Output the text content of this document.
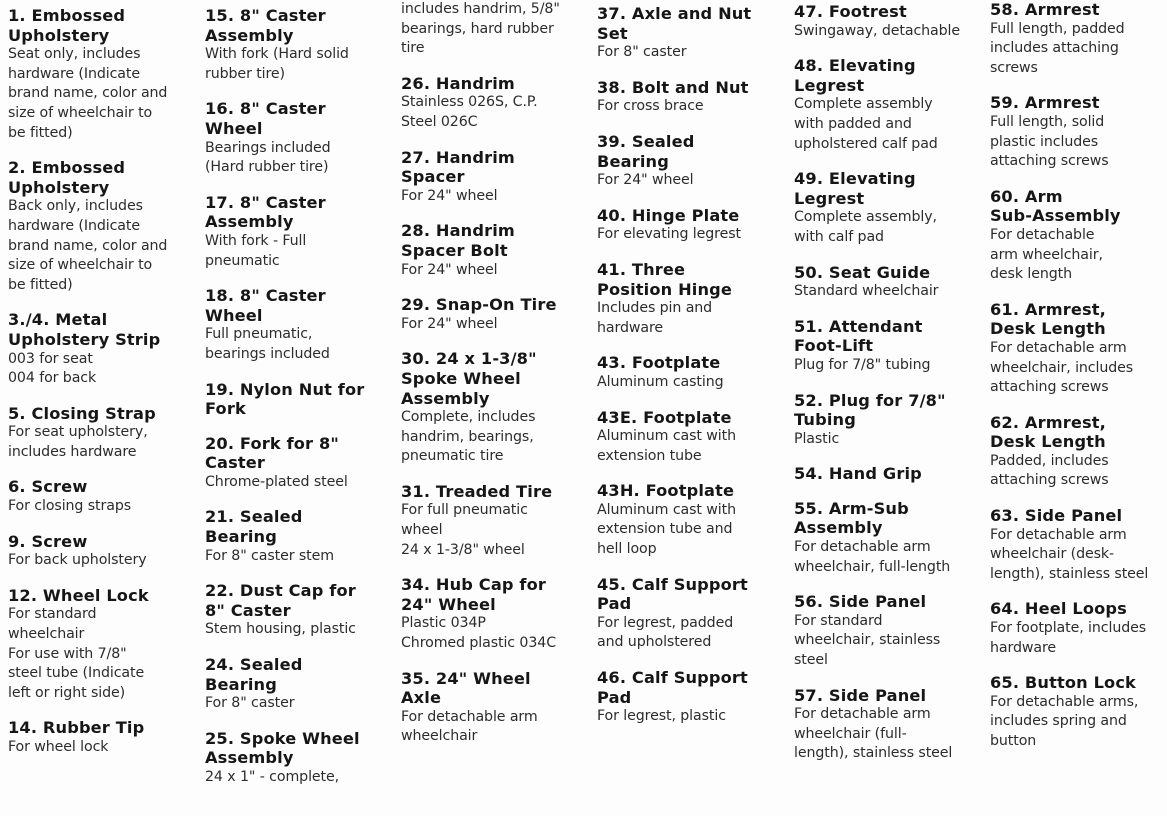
1. Embossed
Upholstery
Seat only, includes
hardware (Indicate
brand name, color and
size of wheelchair to
be fitted)
2. Embossed
Upholstery
Back only, includes
hardware (Indicate
brand name, color and
size of wheelchair to
be fitted)
3./4. Metal
Upholstery Strip
003 for seat
004 for back
5. Closing Strap
For seat upholstery,
includes hardware
6. Screw
For closing straps
9. Screw
For back upholstery
12. Wheel Lock
For standard
wheelchair
For use with 7/8"
steel tube (Indicate
left or right side)
14. Rubber Tip
For wheel lock
15. 8" Caster
Assembly
With fork (Hard solid
rubber tire)
16. 8" Caster
Wheel
Bearings included
(Hard rubber tire)
17. 8" Caster
Assembly
With fork - Full
pneumatic
18. 8" Caster
Wheel
Full pneumatic,
bearings included
19. Nylon Nut for
Fork
20. Fork for 8"
Caster
Chrome-plated steel
21. Sealed
Bearing
For 8" caster stem
22. Dust Cap for
8" Caster
Stem housing, plastic
24. Sealed
Bearing
For 8" caster
25. Spoke Wheel
Assembly
24 x 1" - complete,
includes handrim, 5/8"
bearings, hard rubber
tire
26. Handrim
Stainless 026S, C.P.
Steel 026C
27. Handrim
Spacer
For 24" wheel
28. Handrim
Spacer Bolt
For 24" wheel
29. Snap-On Tire
For 24" wheel
30. 24 x 1-3/8"
Spoke Wheel
Assembly
Complete, includes
handrim, bearings,
pneumatic tire
31. Treaded Tire
For full pneumatic
wheel
24 x 1-3/8" wheel
34. Hub Cap for
24" Wheel
Plastic 034P
Chromed plastic 034C
35. 24" Wheel
Axle
For detachable arm
wheelchair
37. Axle and Nut
Set
For 8" caster
38. Bolt and Nut
For cross brace
39. Sealed
Bearing
For 24" wheel
40. Hinge Plate
For elevating legrest
41. Three
Position Hinge
Includes pin and
hardware
43. Footplate
Aluminum casting
43E. Footplate
Aluminum cast with
extension tube
43H. Footplate
Aluminum cast with
extension tube and
hell loop
45. Calf Support
Pad
For legrest, padded
and upholstered
46. Calf Support
Pad
For legrest, plastic
47. Footrest
Swingaway, detachable
48. Elevating
Legrest
Complete assembly
with padded and
upholstered calf pad
49. Elevating
Legrest
Complete assembly,
with calf pad
50. Seat Guide
Standard wheelchair
51. Attendant
Foot-Lift
Plug for 7/8" tubing
52. Plug for 7/8"
Tubing
Plastic
54. Hand Grip
55. Arm-Sub
Assembly
For detachable arm
wheelchair, full-length
56. Side Panel
For standard
wheelchair, stainless
steel
57. Side Panel
For detachable arm
wheelchair (full-
length), stainless steel
58. Armrest
Full length, padded
includes attaching
screws
59. Armrest
Full length, solid
plastic includes
attaching screws
60. Arm
Sub-Assembly
For detachable
arm wheelchair,
desk length
61. Armrest,
Desk Length
For detachable arm
wheelchair, includes
attaching screws
62. Armrest,
Desk Length
Padded, includes
attaching screws
63. Side Panel
For detachable arm
wheelchair (desk-
length), stainless steel
64. Heel Loops
For footplate, includes
hardware
65. Button Lock
For detachable arms,
includes spring and
button
